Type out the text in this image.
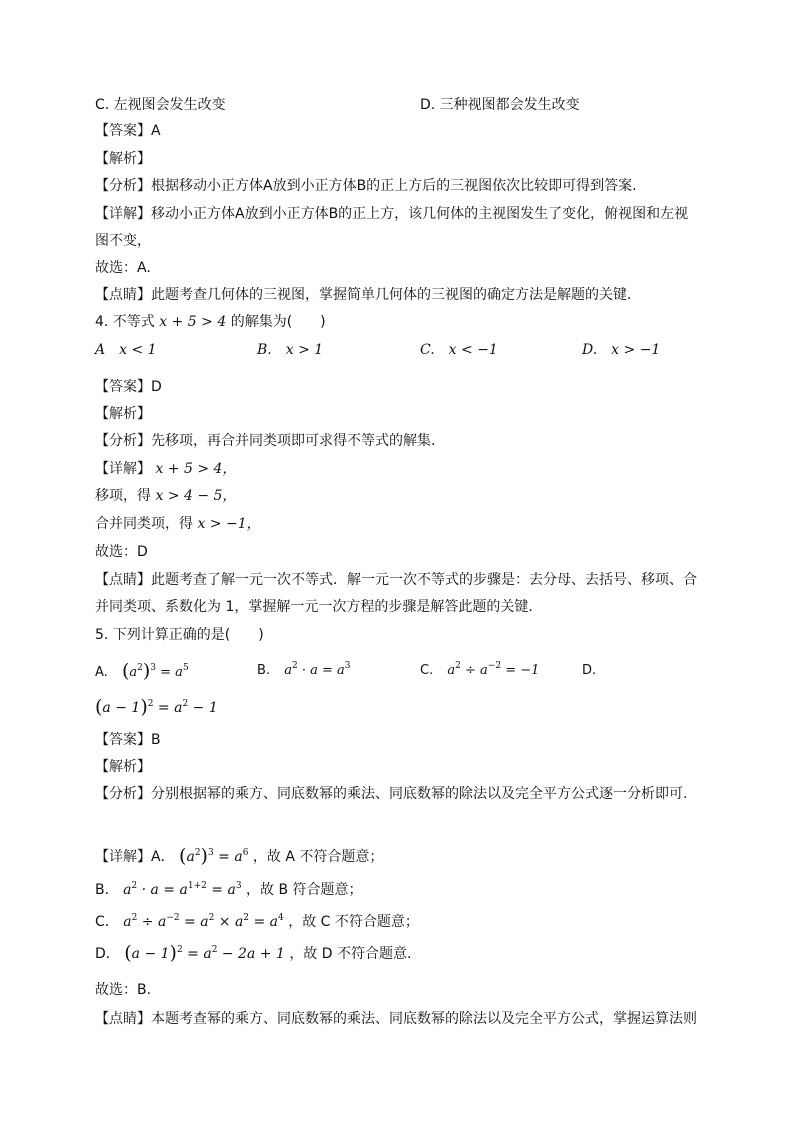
C. 左视图会发生改变	D. 三种视图都会发生改变
【答案】A
【解析】
【分析】根据移动小正方体A放到小正方体B的正上方后的三视图依次比较即可得到答案.
【详解】移动小正方体A放到小正方体B的正上方，该几何体的主视图发生了变化，俯视图和左视
图不变，
故选：A.
【点睛】此题考查几何体的三视图，掌握简单几何体的三视图的确定方法是解题的关键.
4. 不等式 x + 5 > 4 的解集为(　　)
A　x < 1	B.　x > 1	C.　x < −1	D.　x > −1
【答案】D
【解析】
【分析】先移项，再合并同类项即可求得不等式的解集.
【详解】 x + 5 > 4，
移项，得 x > 4 − 5，
合并同类项，得 x > −1，
故选：D
【点睛】此题考查了解一元一次不等式．解一元一次不等式的步骤是：去分母、去括号、移项、合
并同类项、系数化为 1，掌握解一元一次方程的步骤是解答此题的关键.
5. 下列计算正确的是(　　)
A. $(a^2)^3 = a^5$	B. $a^2 \cdot a = a^3$	C. $a^2 \div a^{-2} = -1$	D.
$(a - 1)^2 = a^2 - 1$
【答案】B
【解析】
【分析】分别根据幂的乘方、同底数幂的乘法、同底数幂的除法以及完全平方公式逐一分析即可.
【详解】A． $(a^2)^3 = a^6$ ，故 A 不符合题意；
B． $a^2 \cdot a = a^{1+2} = a^3$ ，故 B 符合题意；
C． $a^2 \div a^{-2} = a^2 \times a^2 = a^4$ ，故 C 不符合题意；
D． $(a - 1)^2 = a^2 - 2a + 1$ ，故 D 不符合题意.
故选：B.
【点睛】本题考查幂的乘方、同底数幂的乘法、同底数幂的除法以及完全平方公式，掌握运算法则
